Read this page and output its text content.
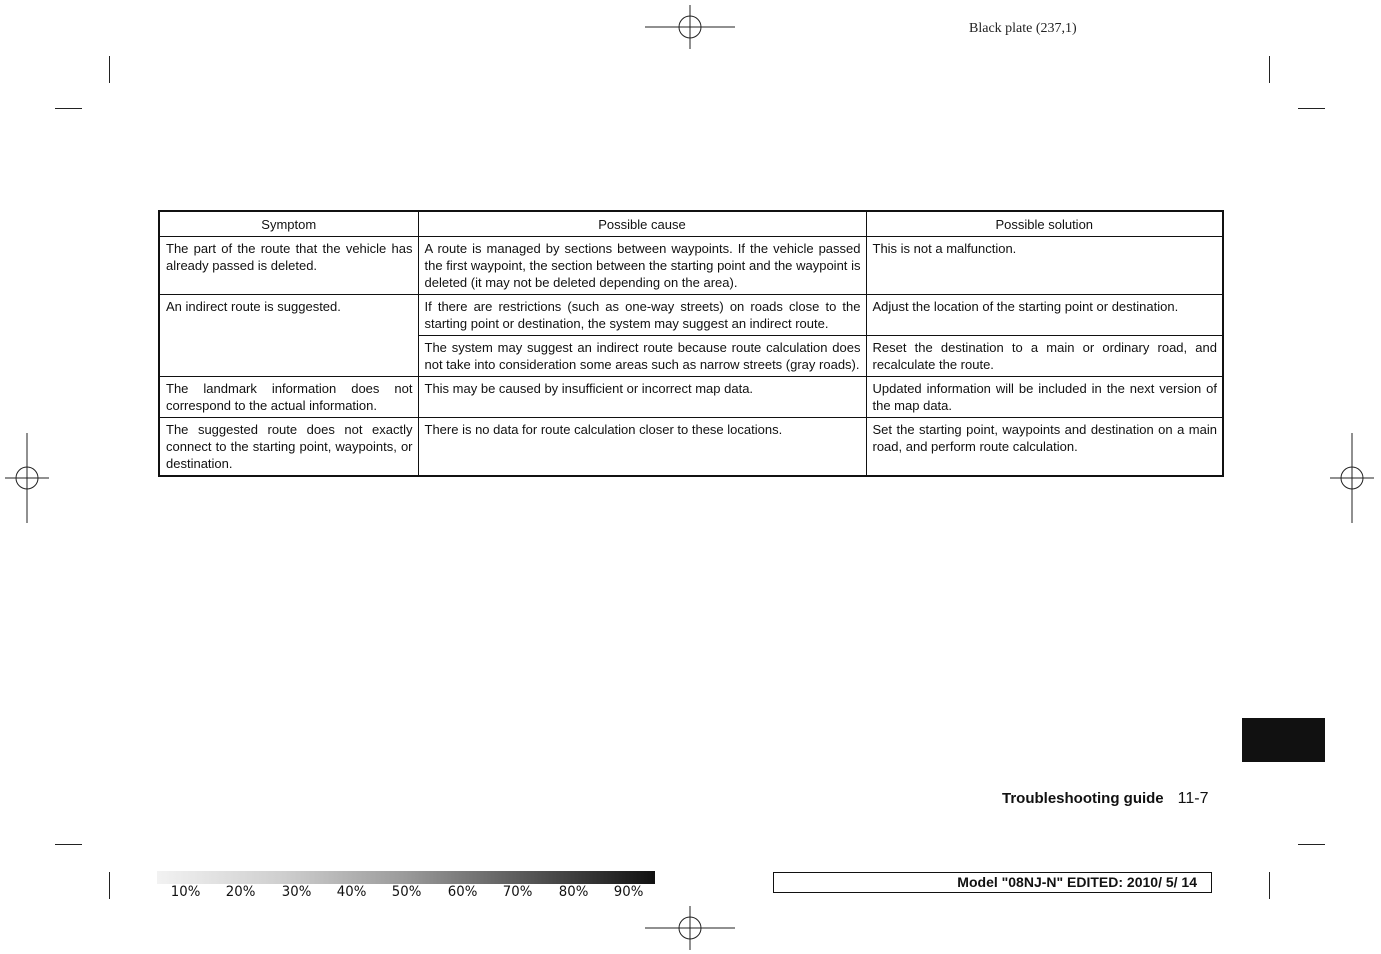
Black plate (237,1)
Symptom	Possible cause	Possible solution
The part of the route that the vehicle has already passed is deleted.	A route is managed by sections between waypoints. If the vehicle passed the first waypoint, the section between the starting point and the waypoint is deleted (it may not be deleted depending on the area).	This is not a malfunction.
An indirect route is suggested.	If there are restrictions (such as one-way streets) on roads close to the starting point or destination, the system may suggest an indirect route.	Adjust the location of the starting point or destination.
	The system may suggest an indirect route because route calculation does not take into consideration some areas such as narrow streets (gray roads).	Reset the destination to a main or ordinary road, and recalculate the route.
The landmark information does not correspond to the actual information.	This may be caused by insufficient or incorrect map data.	Updated information will be included in the next version of the map data.
The suggested route does not exactly connect to the starting point, waypoints, or destination.	There is no data for route calculation closer to these locations.	Set the starting point, waypoints and destination on a main road, and perform route calculation.
Troubleshooting guide 11-7
10% 20% 30% 40% 50% 60% 70% 80% 90%
Model "08NJ-N" EDITED: 2010/ 5/ 14
